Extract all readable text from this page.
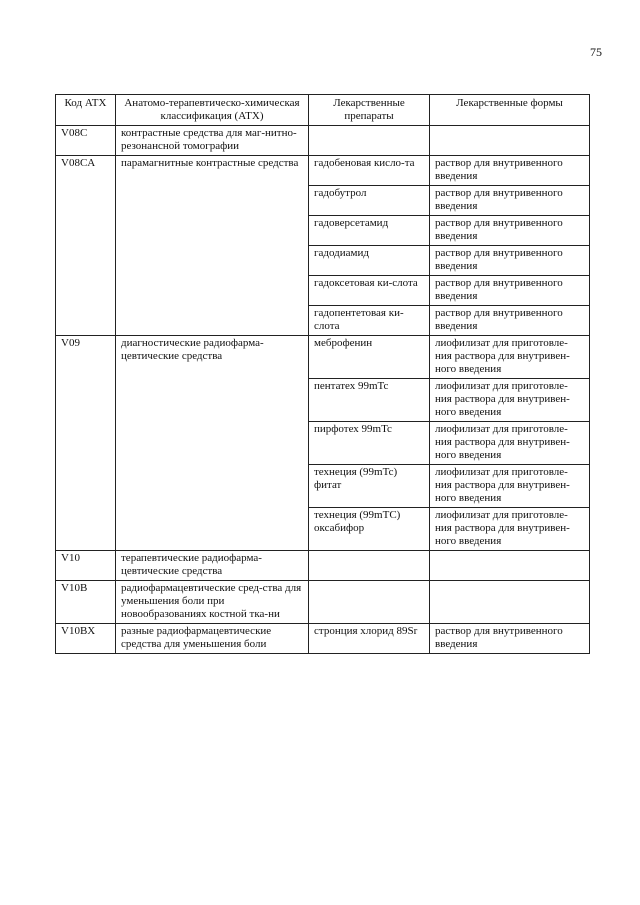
75
Код АТХ	Анатомо-терапевтическо-химическая классификация (АТХ)	Лекарственные препараты	Лекарственные формы
V08C	контрастные средства для маг-нитно-резонансной томографии		
V08CA	парамагнитные контрастные средства	гадобеновая кисло-та	раствор для внутривенного введения
		гадобутрол	раствор для внутривенного введения
		гадоверсетамид	раствор для внутривенного введения
		гадодиамид	раствор для внутривенного введения
		гадоксетовая ки-слота	раствор для внутривенного введения
		гадопентетовая ки-слота	раствор для внутривенного введения
V09	диагностические радиофарма-цевтические средства	меброфенин	лиофилизат для приготовле-ния раствора для внутривен-ного введения
		пентатех 99mTc	лиофилизат для приготовле-ния раствора для внутривен-ного введения
		пирфотех 99mTc	лиофилизат для приготовле-ния раствора для внутривен-ного введения
		технеция (99mTc) фитат	лиофилизат для приготовле-ния раствора для внутривен-ного введения
		технеция (99mTC) оксабифор	лиофилизат для приготовле-ния раствора для внутривен-ного введения
V10	терапевтические радиофарма-цевтические средства		
V10B	радиофармацевтические сред-ства для уменьшения боли при новообразованиях костной тка-ни		
V10BX	разные радиофармацевтические средства для уменьшения боли	стронция хлорид 89Sr	раствор для внутривенного введения
